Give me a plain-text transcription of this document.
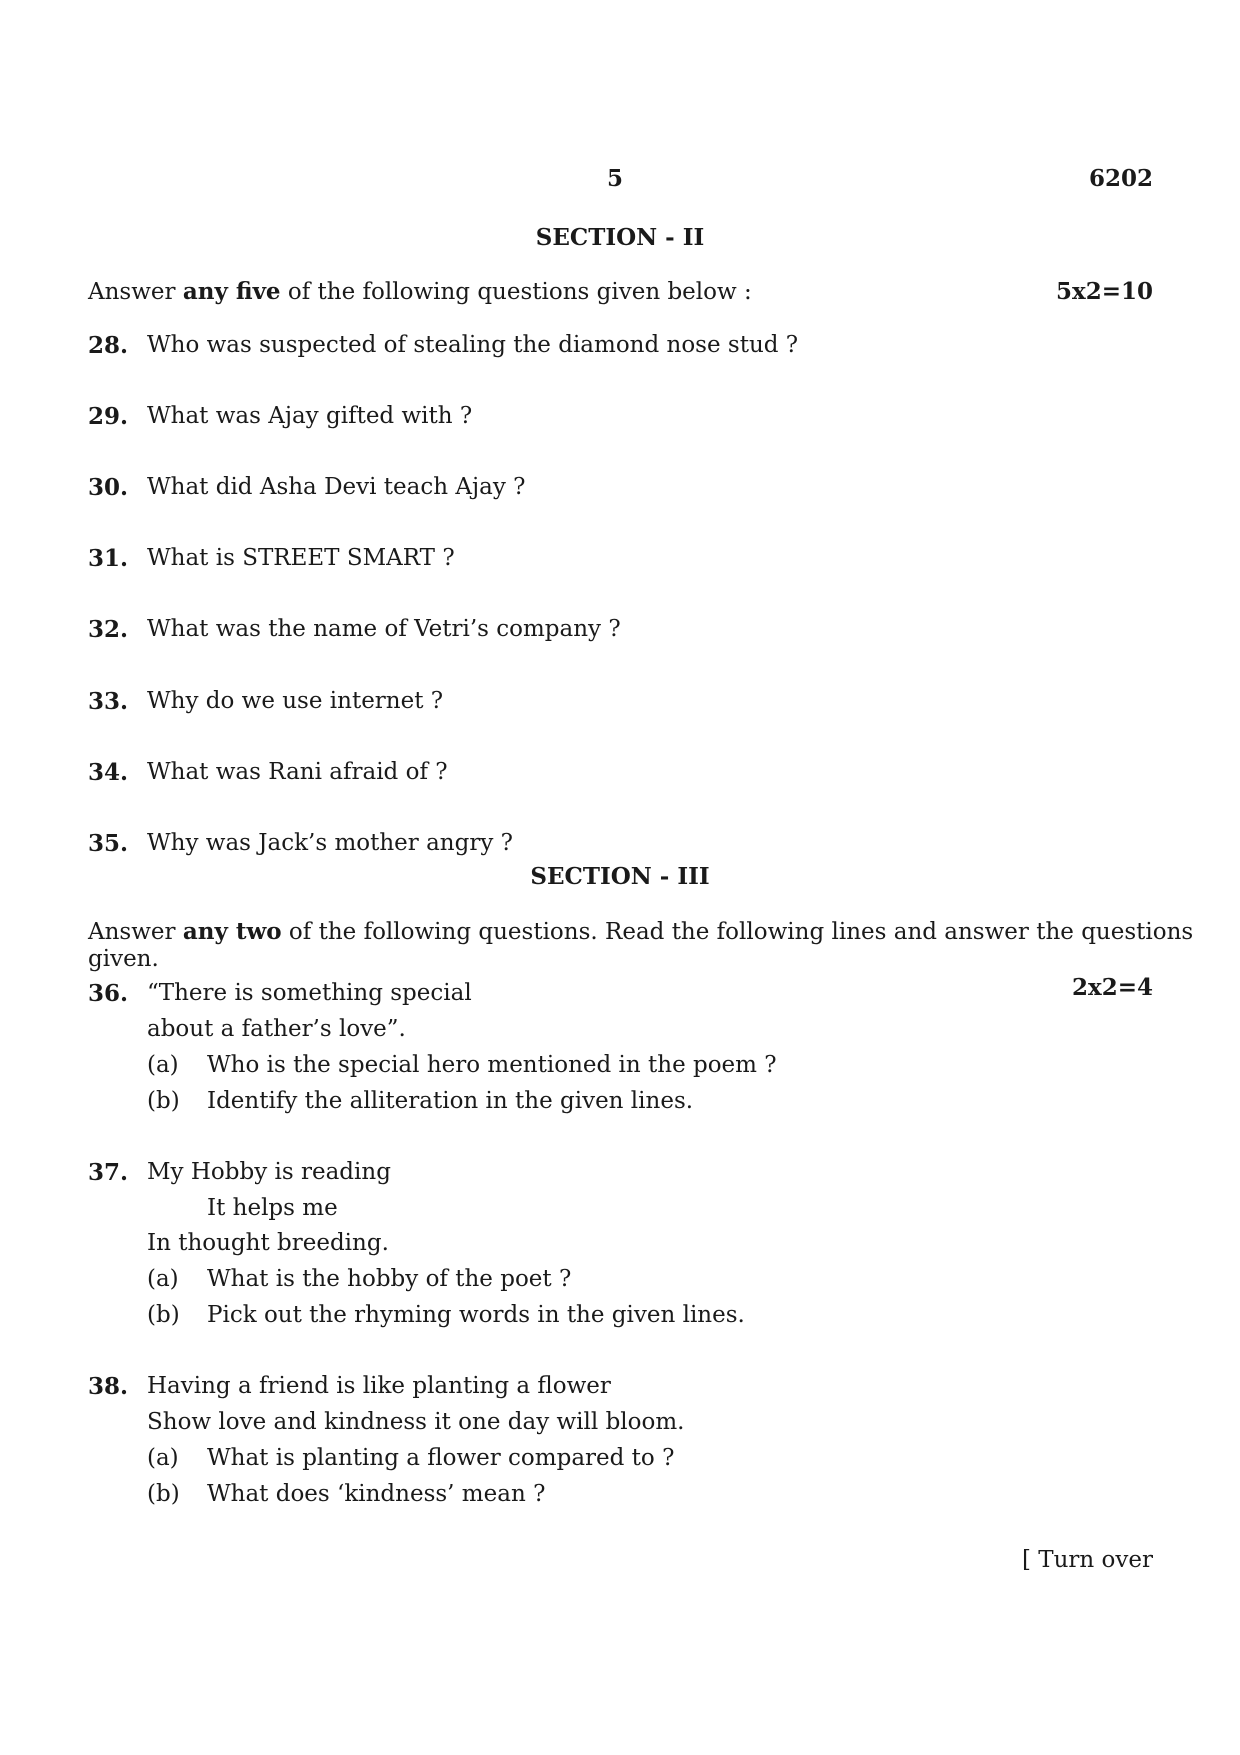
5	6202
SECTION - II
Answer any five of the following questions given below :	5x2=10
28. Who was suspected of stealing the diamond nose stud ?
29. What was Ajay gifted with ?
30. What did Asha Devi teach Ajay ?
31. What is STREET SMART ?
32. What was the name of Vetri’s company ?
33. Why do we use internet ?
34. What was Rani afraid of ?
35. Why was Jack’s mother angry ?
SECTION - III
Answer any two of the following questions. Read the following lines and answer the questions
given.
2x2=4
36. “There is something special
about a father’s love”.
(a) Who is the special hero mentioned in the poem ?
(b) Identify the alliteration in the given lines.
37. My Hobby is reading
It helps me
In thought breeding.
(a) What is the hobby of the poet ?
(b) Pick out the rhyming words in the given lines.
38. Having a friend is like planting a flower
Show love and kindness it one day will bloom.
(a) What is planting a flower compared to ?
(b) What does ‘kindness’ mean ?
[ Turn over
